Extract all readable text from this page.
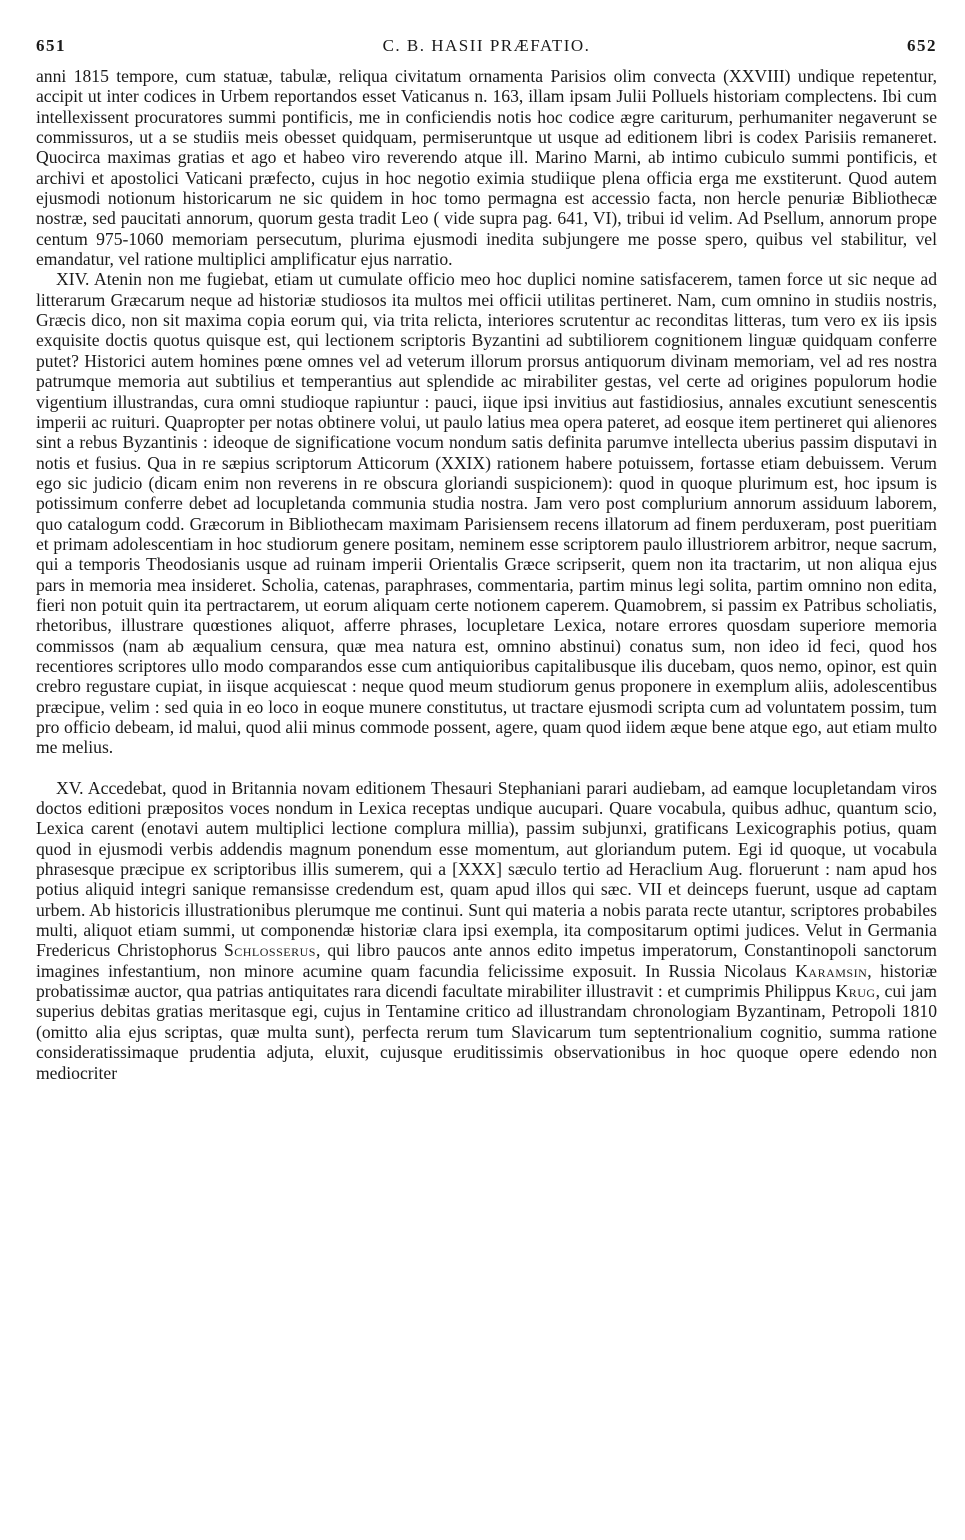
651	C. B. HASII PRÆFATIO.	652

anni 1815 tempore, cum statuæ, tabulæ, reliqua civitatum ornamenta Parisios olim convecta (XXVIII) undique repetentur, accipit ut inter codices in Urbem reportandos esset Vaticanus n. 163, illam ipsam Julii Polluels historiam complectens. Ibi cum intellexissent procuratores summi pontificis, me in conficiendis notis hoc codice ægre cariturum, perhumaniter negaverunt se commissuros, ut a se studiis meis obesset quidquam, permiseruntque ut usque ad editionem libri is codex Parisiis remaneret. Quocirca maximas gratias et ago et habeo viro reverendo atque ill. Marino Marni, ab intimo cubiculo summi pontificis, et archivi et apostolici Vaticani præfecto, cujus in hoc negotio eximia studiique plena officia erga me exstiterunt. Quod autem ejusmodi notionum historicarum ne sic quidem in hoc tomo permagna est accessio facta, non hercle penuriæ Bibliothecæ nostræ, sed paucitati annorum, quorum gesta tradit Leo ( vide supra pag. 641, VI), tribui id velim. Ad Psellum, annorum prope centum 975-1060 memoriam persecutum, plurima ejusmodi inedita subjungere me posse spero, quibus vel stabilitur, vel emandatur, vel ratione multiplici amplificatur ejus narratio.

XIV. Atenin non me fugiebat, etiam ut cumulate officio meo hoc duplici nomine satisfacerem, tamen force ut sic neque ad litterarum Græcarum neque ad historiæ studiosos ita multos mei officii utilitas pertineret. Nam, cum omnino in studiis nostris, Græcis dico, non sit maxima copia eorum qui, via trita relicta, interiores scrutentur ac reconditas litteras, tum vero ex iis ipsis exquisite doctis quotus quisque est, qui lectionem scriptoris Byzantini ad subtiliorem cognitionem linguæ quidquam conferre putet? Historici autem homines pœne omnes vel ad veterum illorum prorsus antiquorum divinam memoriam, vel ad res nostra patrumque memoria aut subtilius et temperantius aut splendide ac mirabiliter gestas, vel certe ad origines populorum hodie vigentium illustrandas, cura omni studioque rapiuntur : pauci, iique ipsi invitius aut fastidiosius, annales excutiunt senescentis imperii ac ruituri. Quapropter per notas obtinere volui, ut paulo latius mea opera pateret, ad eosque item pertineret qui alienores sint a rebus Byzantinis : ideoque de significatione vocum nondum satis definita parumve intellecta uberius passim disputavi in notis et fusius. Qua in re sæpius scriptorum Atticorum (XXIX) rationem habere potuissem, fortasse etiam debuissem. Verum ego sic judicio (dicam enim non reverens in re obscura gloriandi suspicionem): quod in quoque plurimum est, hoc ipsum is potissimum conferre debet ad locupletanda communia studia nostra. Jam vero post complurium annorum assiduum laborem, quo catalogum codd. Græcorum in Bibliothecam maximam Parisiensem recens illatorum ad finem perduxeram, post pueritiam et primam adolescentiam in hoc studiorum genere positam, neminem esse scriptorem paulo illustriorem arbitror, neque sacrum, qui a temporis Theodosianis usque ad ruinam imperii Orientalis Græce scripserit, quem non ita tractarim, ut non aliqua ejus pars in memoria mea insideret. Scholia, catenas, paraphrases, commentaria, partim minus legi solita, partim omnino non edita, fieri non potuit quin ita pertractarem, ut eorum aliquam certe notionem caperem. Quamobrem, si passim ex Patribus scholiatis, rhetoribus, illustrare quœstiones aliquot, afferre phrases, locupletare Lexica, notare errores quosdam superiore memoria commissos (nam ab æqualium censura, quæ mea natura est, omnino abstinui) conatus sum, non ideo id feci, quod hos recentiores scriptores ullo modo comparandos esse cum antiquioribus capitalibusque ilis ducebam, quos nemo, opinor, est quin crebro regustare cupiat, in iisque acquiescat : neque quod meum studiorum genus proponere in exemplum aliis, adolescentibus præcipue, velim : sed quia in eo loco in eoque munere constitutus, ut tractare ejusmodi scripta cum ad voluntatem possim, tum pro officio debeam, id malui, quod alii minus commode possent, agere, quam quod iidem æque bene atque ego, aut etiam multo me melius.

XV. Accedebat, quod in Britannia novam editionem Thesauri Stephaniani parari audiebam, ad eamque locupletandam viros doctos editioni præpositos voces nondum in Lexica receptas undique aucupari. Quare vocabula, quibus adhuc, quantum scio, Lexica carent (enotavi autem multiplici lectione complura millia), passim subjunxi, gratificans Lexicographis potius, quam quod in ejusmodi verbis addendis magnum ponendum esse momentum, aut gloriandum putem. Egi id quoque, ut vocabula phrasesque præcipue ex scriptoribus illis sumerem, qui a [XXX] sæculo tertio ad Heraclium Aug. floruerunt : nam apud hos potius aliquid integri sanique remansisse credendum est, quam apud illos qui sæc. VII et deinceps fuerunt, usque ad captam urbem. Ab historicis illustrationibus plerumque me continui. Sunt qui materia a nobis parata recte utantur, scriptores probabiles multi, aliquot etiam summi, ut componendæ historiæ clara ipsi exempla, ita compositarum optimi judices. Velut in Germania Fredericus Christophorus Schlosserus, qui libro paucos ante annos edito impetus imperatorum, Constantinopoli sanctorum imagines infestantium, non minore acumine quam facundia felicissime exposuit. In Russia Nicolaus Karamsin, historiæ probatissimæ auctor, qua patrias antiquitates rara dicendi facultate mirabiliter illustravit : et cumprimis Philippus Krug, cui jam superius debitas gratias meritasque egi, cujus in Tentamine critico ad illustrandam chronologiam Byzantinam, Petropoli 1810 (omitto alia ejus scriptas, quæ multa sunt), perfecta rerum tum Slavicarum tum septentrionalium cognitio, summa ratione consideratissimaque prudentia adjuta, eluxit, cujusque eruditissimis observationibus in hoc quoque opere edendo non mediocriter
